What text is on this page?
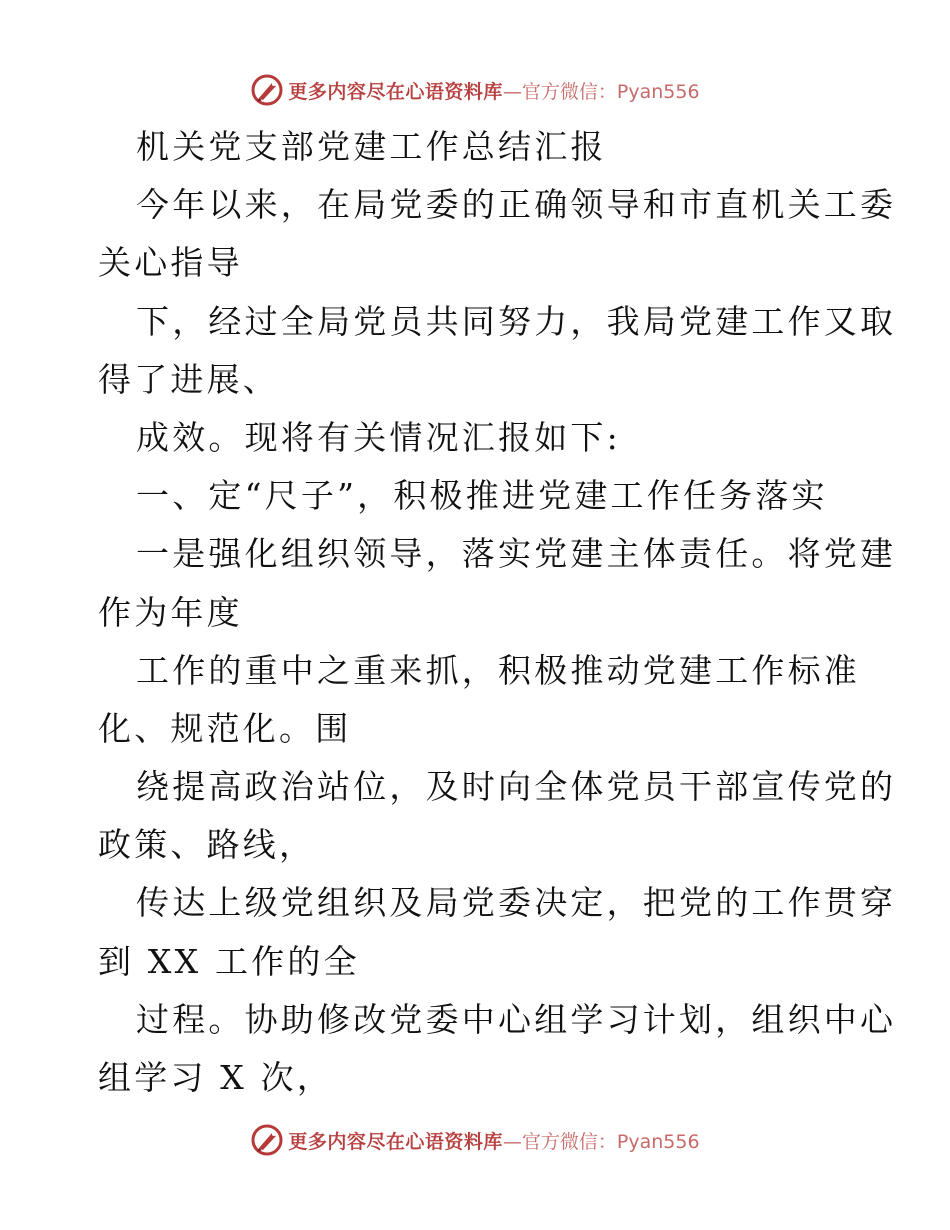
更多内容尽在心语资料库 —官方微信：Pyan556
机关党支部党建工作总结汇报
今年以来，在局党委的正确领导和市直机关工委
关心指导
下，经过全局党员共同努力，我局党建工作又取
得了进展、
成效。现将有关情况汇报如下:
一、定“尺子”，积极推进党建工作任务落实
一是强化组织领导，落实党建主体责任。将党建
作为年度
工作的重中之重来抓，积极推动党建工作标准
化、规范化。围
绕提高政治站位，及时向全体党员干部宣传党的
政策、路线，
传达上级党组织及局党委决定，把党的工作贯穿
到 XX 工作的全
过程。协助修改党委中心组学习计划，组织中心
组学习 X 次，
更多内容尽在心语资料库 —官方微信：Pyan556
